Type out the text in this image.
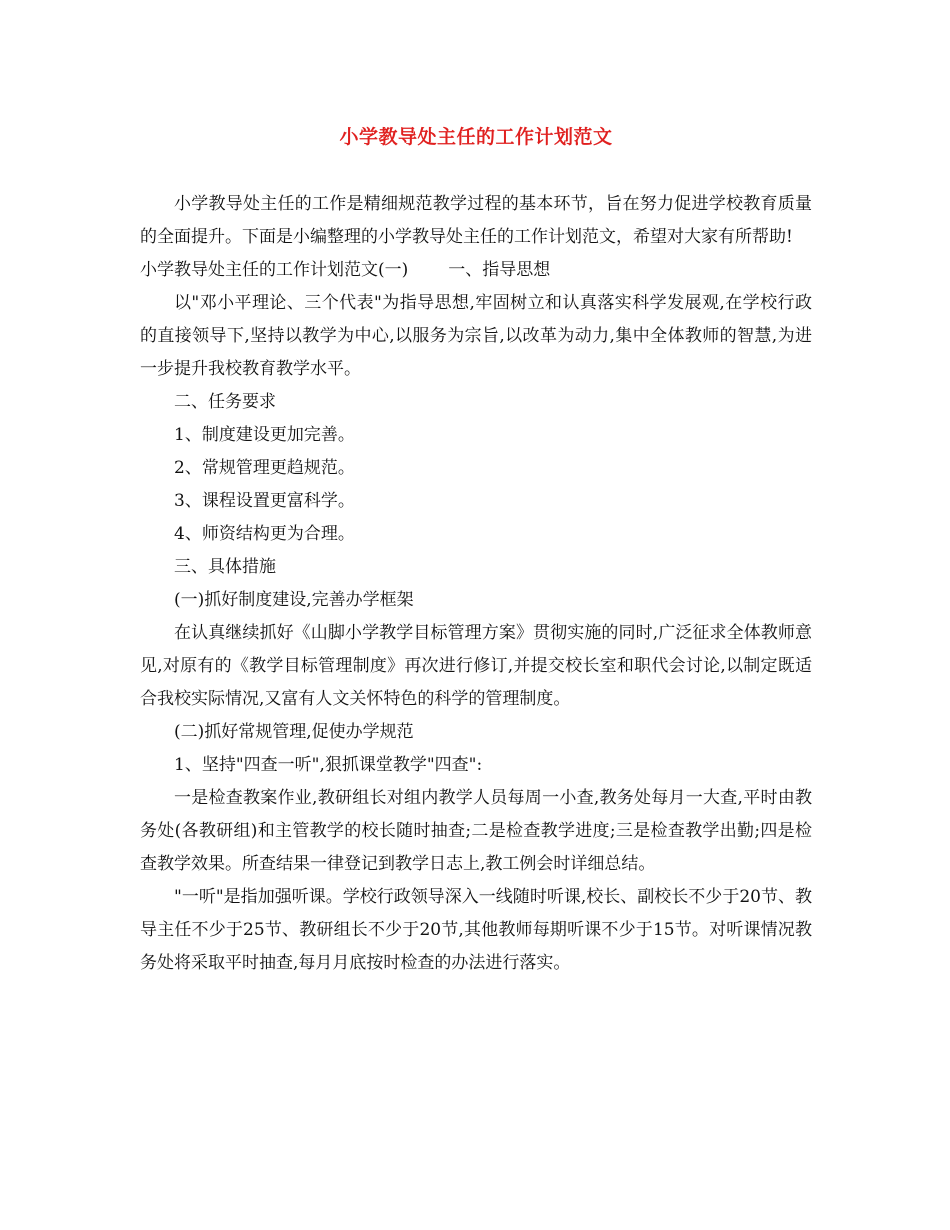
小学教导处主任的工作计划范文

小学教导处主任的工作是精细规范教学过程的基本环节，旨在努力促进学校教育质量的全面提升。下面是小编整理的小学教导处主任的工作计划范文，希望对大家有所帮助!

小学教导处主任的工作计划范文(一) 一、指导思想

以"邓小平理论、三个代表"为指导思想,牢固树立和认真落实科学发展观,在学校行政的直接领导下,坚持以教学为中心,以服务为宗旨,以改革为动力,集中全体教师的智慧,为进一步提升我校教育教学水平。

二、任务要求

1、制度建设更加完善。

2、常规管理更趋规范。

3、课程设置更富科学。

4、师资结构更为合理。

三、具体措施

(一)抓好制度建设,完善办学框架

在认真继续抓好《山脚小学教学目标管理方案》贯彻实施的同时,广泛征求全体教师意见,对原有的《教学目标管理制度》再次进行修订,并提交校长室和职代会讨论,以制定既适合我校实际情况,又富有人文关怀特色的科学的管理制度。

(二)抓好常规管理,促使办学规范

1、坚持"四查一听",狠抓课堂教学"四查":

一是检查教案作业,教研组长对组内教学人员每周一小查,教务处每月一大查,平时由教务处(各教研组)和主管教学的校长随时抽查;二是检查教学进度;三是检查教学出勤;四是检查教学效果。所查结果一律登记到教学日志上,教工例会时详细总结。

"一听"是指加强听课。学校行政领导深入一线随时听课,校长、副校长不少于20节、教导主任不少于25节、教研组长不少于20节,其他教师每期听课不少于15节。对听课情况教务处将采取平时抽查,每月月底按时检查的办法进行落实。
